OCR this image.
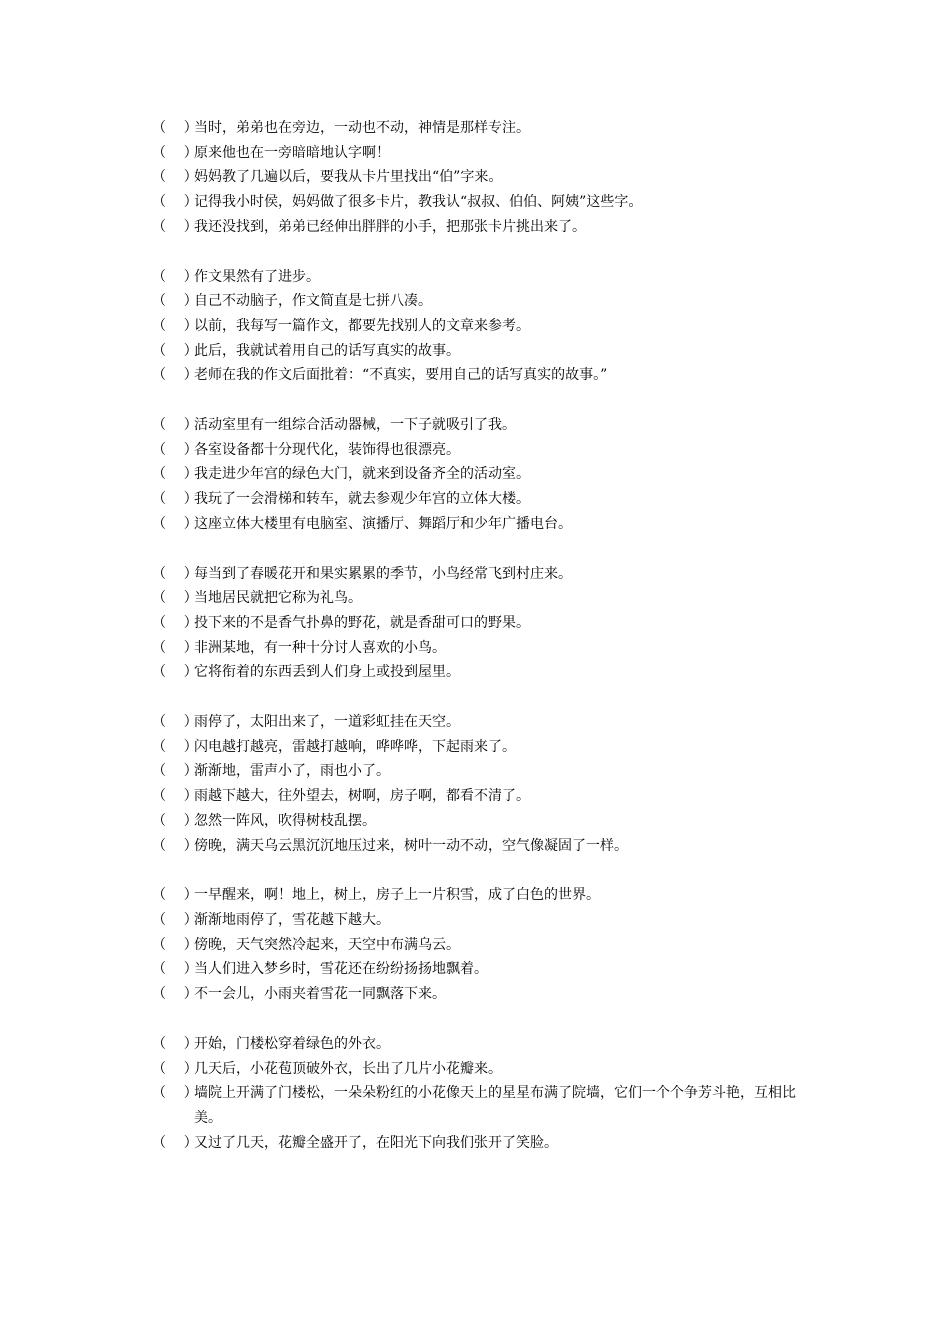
（    ）
当时，弟弟也在旁边，一动也不动，神情是那样专注。
（    ）
原来他也在一旁暗暗地认字啊！
（    ）
妈妈教了几遍以后，要我从卡片里找出“伯”字来。
（    ）
记得我小时侯，妈妈做了很多卡片，教我认“叔叔、伯伯、阿姨”这些字。
（    ）
我还没找到，弟弟已经伸出胖胖的小手，把那张卡片挑出来了。
（    ）
作文果然有了进步。
（    ）
自己不动脑子，作文简直是七拼八凑。
（    ）
以前，我每写一篇作文，都要先找别人的文章来参考。
（    ）
此后，我就试着用自己的话写真实的故事。
（    ）
老师在我的作文后面批着：“不真实，要用自己的话写真实的故事。”
（    ）
活动室里有一组综合活动器械，一下子就吸引了我。
（    ）
各室设备都十分现代化，装饰得也很漂亮。
（    ）
我走进少年宫的绿色大门，就来到设备齐全的活动室。
（    ）
我玩了一会滑梯和转车，就去参观少年宫的立体大楼。
（    ）
这座立体大楼里有电脑室、演播厅、舞蹈厅和少年广播电台。
（    ）
每当到了春暖花开和果实累累的季节，小鸟经常飞到村庄来。
（    ）
当地居民就把它称为礼鸟。
（    ）
投下来的不是香气扑鼻的野花，就是香甜可口的野果。
（    ）
非洲某地，有一种十分讨人喜欢的小鸟。
（    ）
它将衔着的东西丢到人们身上或投到屋里。
（    ）
雨停了，太阳出来了，一道彩虹挂在天空。
（    ）
闪电越打越亮，雷越打越响，哗哗哗，下起雨来了。
（    ）
渐渐地，雷声小了，雨也小了。
（    ）
雨越下越大，往外望去，树啊，房子啊，都看不清了。
（    ）
忽然一阵风，吹得树枝乱摆。
（    ）
傍晚，满天乌云黑沉沉地压过来，树叶一动不动，空气像凝固了一样。
（    ）
一早醒来，啊！地上，树上，房子上一片积雪，成了白色的世界。
（    ）
渐渐地雨停了，雪花越下越大。
（    ）
傍晚，天气突然冷起来，天空中布满乌云。
（    ）
当人们进入梦乡时，雪花还在纷纷扬扬地飘着。
（    ）
不一会儿，小雨夹着雪花一同飘落下来。
（    ）
开始，门楼松穿着绿色的外衣。
（    ）
几天后，小花苞顶破外衣，长出了几片小花瓣来。
（    ）
墙院上开满了门楼松，一朵朵粉红的小花像天上的星星布满了院墙，它们一个个争芳斗艳，互相比美。
（    ）
又过了几天，花瓣全盛开了，在阳光下向我们张开了笑脸。
